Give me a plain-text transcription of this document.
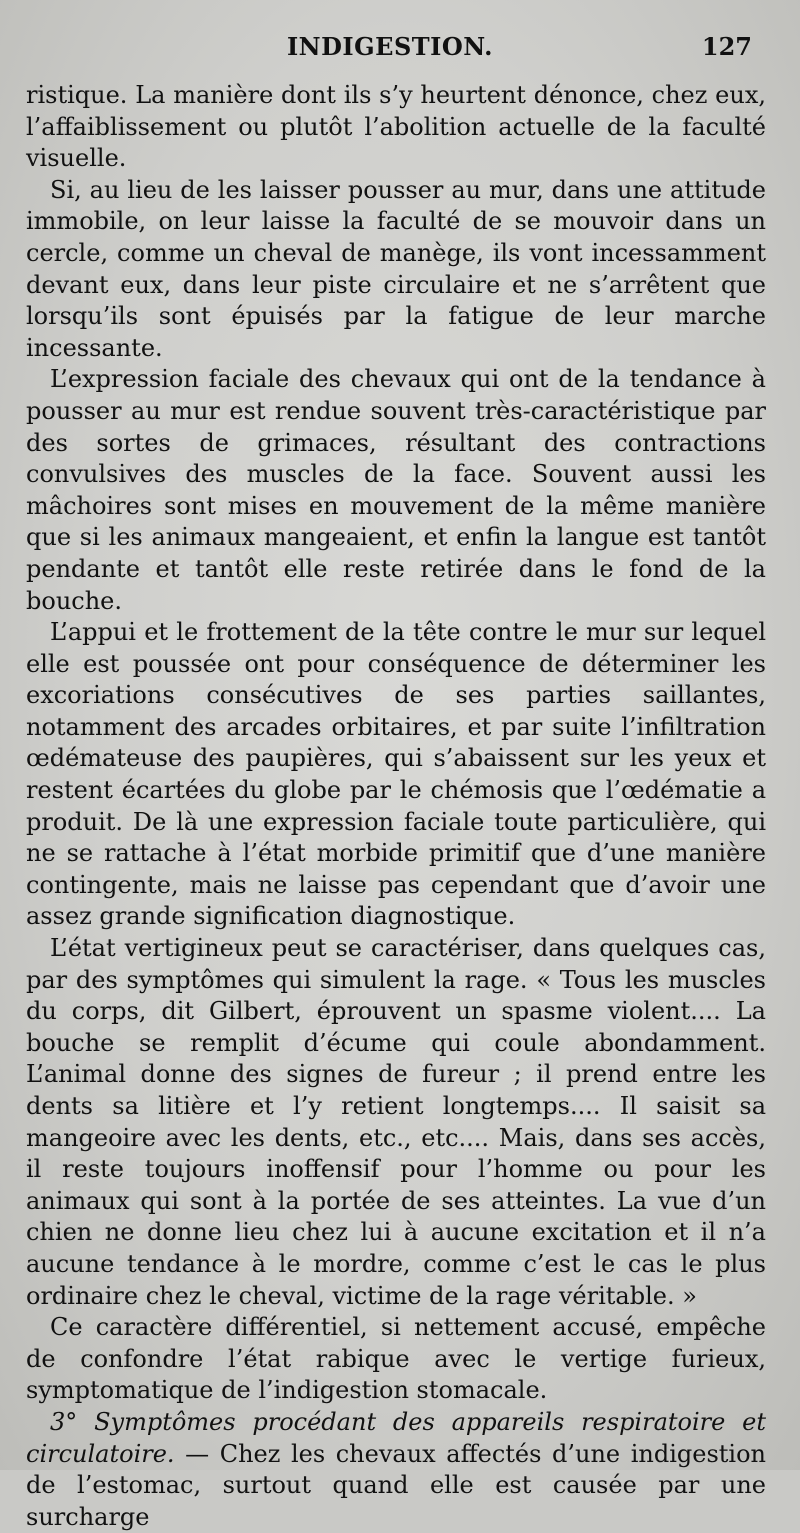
INDIGESTION.	127

ristique. La manière dont ils s’y heurtent dénonce, chez eux, l’affaiblissement ou plutôt l’abolition actuelle de la faculté visuelle.

Si, au lieu de les laisser pousser au mur, dans une attitude immobile, on leur laisse la faculté de se mouvoir dans un cercle, comme un cheval de manège, ils vont incessamment devant eux, dans leur piste circulaire et ne s’arrêtent que lorsqu’ils sont épuisés par la fatigue de leur marche incessante.

L’expression faciale des chevaux qui ont de la tendance à pousser au mur est rendue souvent très-caractéristique par des sortes de grimaces, résultant des contractions convulsives des muscles de la face. Souvent aussi les mâchoires sont mises en mouvement de la même manière que si les animaux mangeaient, et enfin la langue est tantôt pendante et tantôt elle reste retirée dans le fond de la bouche.

L’appui et le frottement de la tête contre le mur sur lequel elle est poussée ont pour conséquence de déterminer les excoriations consécutives de ses parties saillantes, notamment des arcades orbitaires, et par suite l’infiltration œdémateuse des paupières, qui s’abaissent sur les yeux et restent écartées du globe par le chémosis que l’œdématie a produit. De là une expression faciale toute particulière, qui ne se rattache à l’état morbide primitif que d’une manière contingente, mais ne laisse pas cependant que d’avoir une assez grande signification diagnostique.

L’état vertigineux peut se caractériser, dans quelques cas, par des symptômes qui simulent la rage. « Tous les muscles du corps, dit Gilbert, éprouvent un spasme violent.... La bouche se remplit d’écume qui coule abondamment. L’animal donne des signes de fureur ; il prend entre les dents sa litière et l’y retient longtemps.... Il saisit sa mangeoire avec les dents, etc., etc.... Mais, dans ses accès, il reste toujours inoffensif pour l’homme ou pour les animaux qui sont à la portée de ses atteintes. La vue d’un chien ne donne lieu chez lui à aucune excitation et il n’a aucune tendance à le mordre, comme c’est le cas le plus ordinaire chez le cheval, victime de la rage véritable. »

Ce caractère différentiel, si nettement accusé, empêche de confondre l’état rabique avec le vertige furieux, symptomatique de l’indigestion stomacale.

3° Symptômes procédant des appareils respiratoire et circulatoire. — Chez les chevaux affectés d’une indigestion de l’estomac, surtout quand elle est causée par une surcharge
